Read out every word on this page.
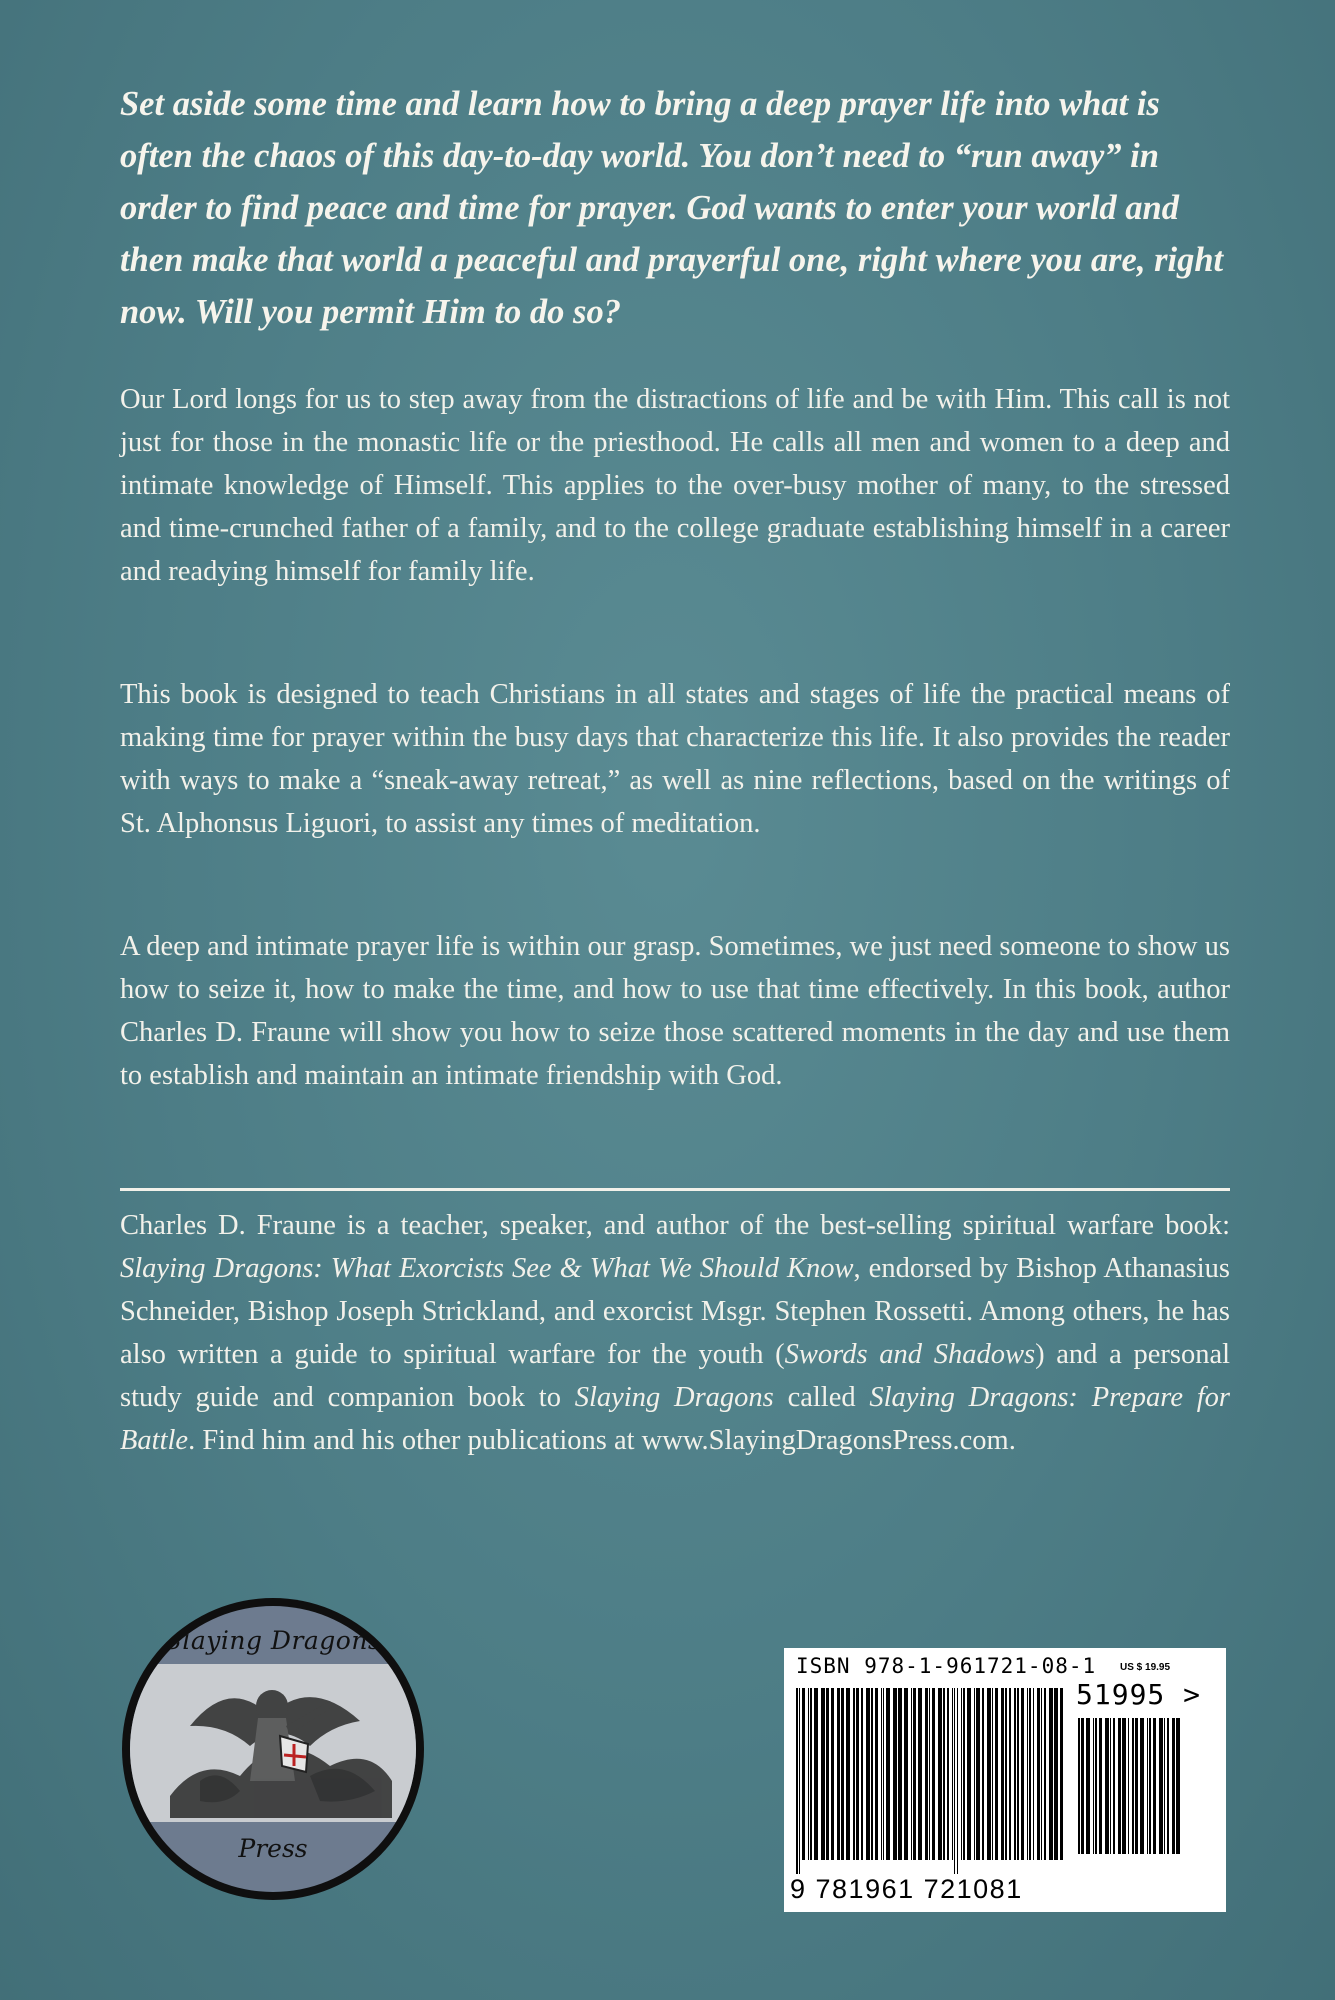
Set aside some time and learn how to bring a deep prayer life into what is often the chaos of this day-to-day world. You don’t need to “run away” in order to find peace and time for prayer. God wants to enter your world and then make that world a peaceful and prayerful one, right where you are, right now. Will you permit Him to do so?

Our Lord longs for us to step away from the distractions of life and be with Him. This call is not just for those in the monastic life or the priesthood. He calls all men and women to a deep and intimate knowledge of Himself. This applies to the over-busy mother of many, to the stressed and time-crunched father of a family, and to the college graduate establishing himself in a career and readying himself for family life.

This book is designed to teach Christians in all states and stages of life the practical means of making time for prayer within the busy days that characterize this life. It also provides the reader with ways to make a “sneak-away retreat,” as well as nine reflections, based on the writings of St. Alphonsus Liguori, to assist any times of meditation.

A deep and intimate prayer life is within our grasp. Sometimes, we just need someone to show us how to seize it, how to make the time, and how to use that time effectively. In this book, author Charles D. Fraune will show you how to seize those scattered moments in the day and use them to establish and maintain an intimate friendship with God.

Charles D. Fraune is a teacher, speaker, and author of the best-selling spiritual warfare book: Slaying Dragons: What Exorcists See & What We Should Know, endorsed by Bishop Athanasius Schneider, Bishop Joseph Strickland, and exorcist Msgr. Stephen Rossetti. Among others, he has also written a guide to spiritual warfare for the youth (Swords and Shadows) and a personal study guide and companion book to Slaying Dragons called Slaying Dragons: Prepare for Battle. Find him and his other publications at www.SlayingDragonsPress.com.

Slaying Dragons
Press
ISBN 978-1-961721-08-1 US $ 19.95
51995 >
9 781961 721081
